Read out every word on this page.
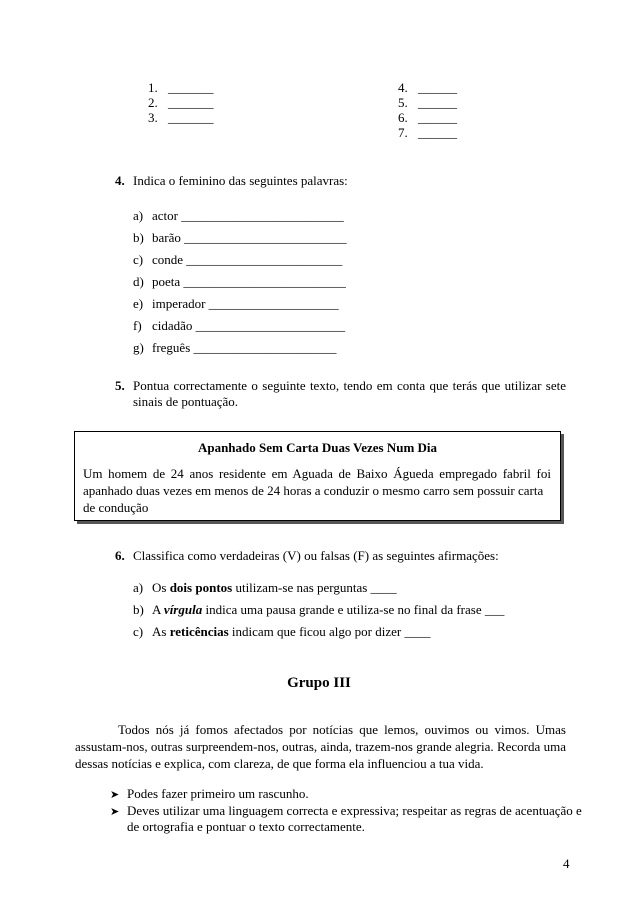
1. _______
2. _______
3. _______
4. ______
5. ______
6. ______
7. ______
4. Indica o feminino das seguintes palavras:
a) actor _________________________
b) barão _________________________
c) conde ________________________
d) poeta _________________________
e) imperador ____________________
f) cidadão _______________________
g) freguês ______________________
5. Pontua correctamente o seguinte texto, tendo em conta que terás que utilizar sete
sinais de pontuação.
Apanhado Sem Carta Duas Vezes Num Dia
Um homem de 24 anos residente em Aguada de Baixo Águeda empregado fabril foi
apanhado duas vezes em menos de 24 horas a conduzir o mesmo carro sem possuir carta
de condução
6. Classifica como verdadeiras (V) ou falsas (F) as seguintes afirmações:
a) Os dois pontos utilizam-se nas perguntas ____
b) A vírgula indica uma pausa grande e utiliza-se no final da frase ___
c) As reticências indicam que ficou algo por dizer ____
Grupo III
Todos nós já fomos afectados por notícias que lemos, ouvimos ou vimos. Umas
assustam-nos, outras surpreendem-nos, outras, ainda, trazem-nos grande alegria. Recorda uma
dessas notícias e explica, com clareza, de que forma ela influenciou a tua vida.
➤ Podes fazer primeiro um rascunho.
➤ Deves utilizar uma linguagem correcta e expressiva; respeitar as regras de acentuação e
de ortografia e pontuar o texto correctamente.
4
